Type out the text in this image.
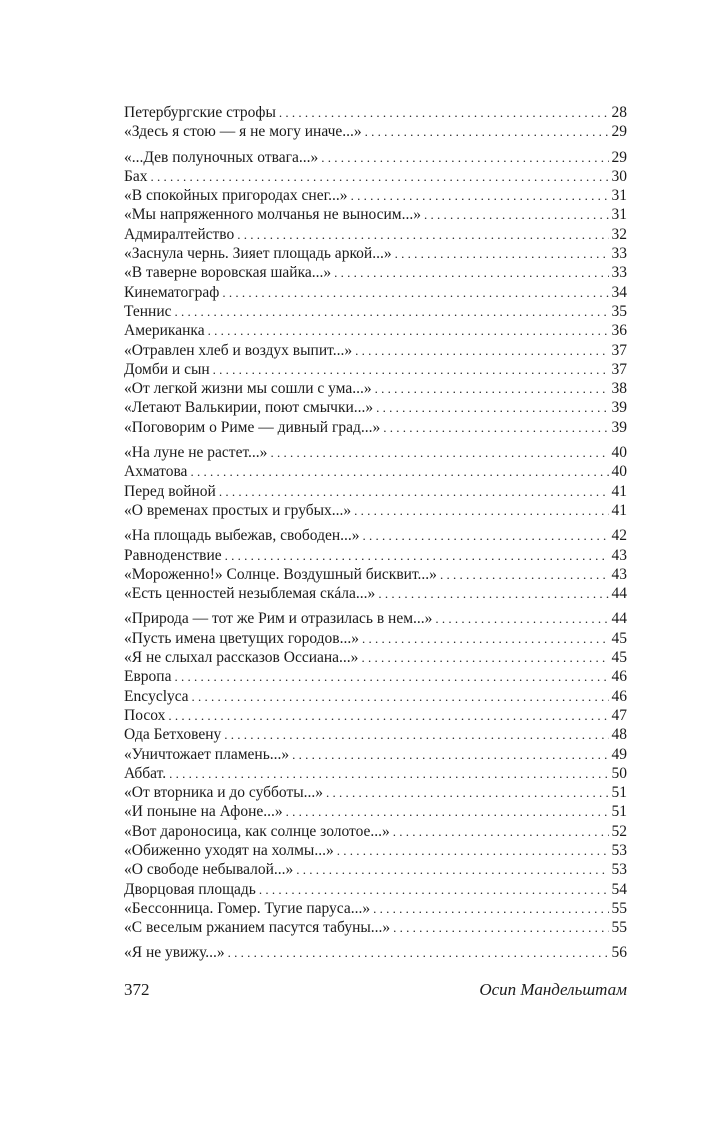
Петербургские строфы . . .	28
«Здесь я стою — я не могу иначе...» . . .	29
«...Дев полуночных отвага...» . . .	29
Бах . . .	30
«В спокойных пригородах снег...» . . .	31
«Мы напряженного молчанья не выносим...» . . .	31
Адмиралтейство . . .	32
«Заснула чернь. Зияет площадь аркой...» . . .	33
«В таверне воровская шайка...» . . .	33
Кинематограф . . .	34
Теннис . . .	35
Американка . . .	36
«Отравлен хлеб и воздух выпит...» . . .	37
Домби и сын . . .	37
«От легкой жизни мы сошли с ума...» . . .	38
«Летают Валькирии, поют смычки...» . . .	39
«Поговорим о Риме — дивный град...» . . .	39
«На луне не растет...» . . .	40
Ахматова . . .	40
Перед войной . . .	41
«О временах простых и грубых...» . . .	41
«На площадь выбежав, свободен...» . . .	42
Равноденствие . . .	43
«Мороженно!» Солнце. Воздушный бисквит...» . . .	43
«Есть ценностей незыблемая скáла...» . . .	44
«Природа — тот же Рим и отразилась в нем...» . . .	44
«Пусть имена цветущих городов...» . . .	45
«Я не слыхал рассказов Оссиана...» . . .	45
Европа . . .	46
Encyclyca . . .	46
Посох . . .	47
Ода Бетховену . . .	48
«Уничтожает пламень...» . . .	49
Аббат. . . .	50
«От вторника и до субботы...» . . .	51
«И поныне на Афоне...» . . .	51
«Вот дароносица, как солнце золотое...» . . .	52
«Обиженно уходят на холмы...» . . .	53
«О свободе небывалой...» . . .	53
Дворцовая площадь . . .	54
«Бессонница. Гомер. Тугие паруса...» . . .	55
«С веселым ржанием пасутся табуны...» . . .	55
«Я не увижу...» . . .	56
372	Осип Мандельштам
